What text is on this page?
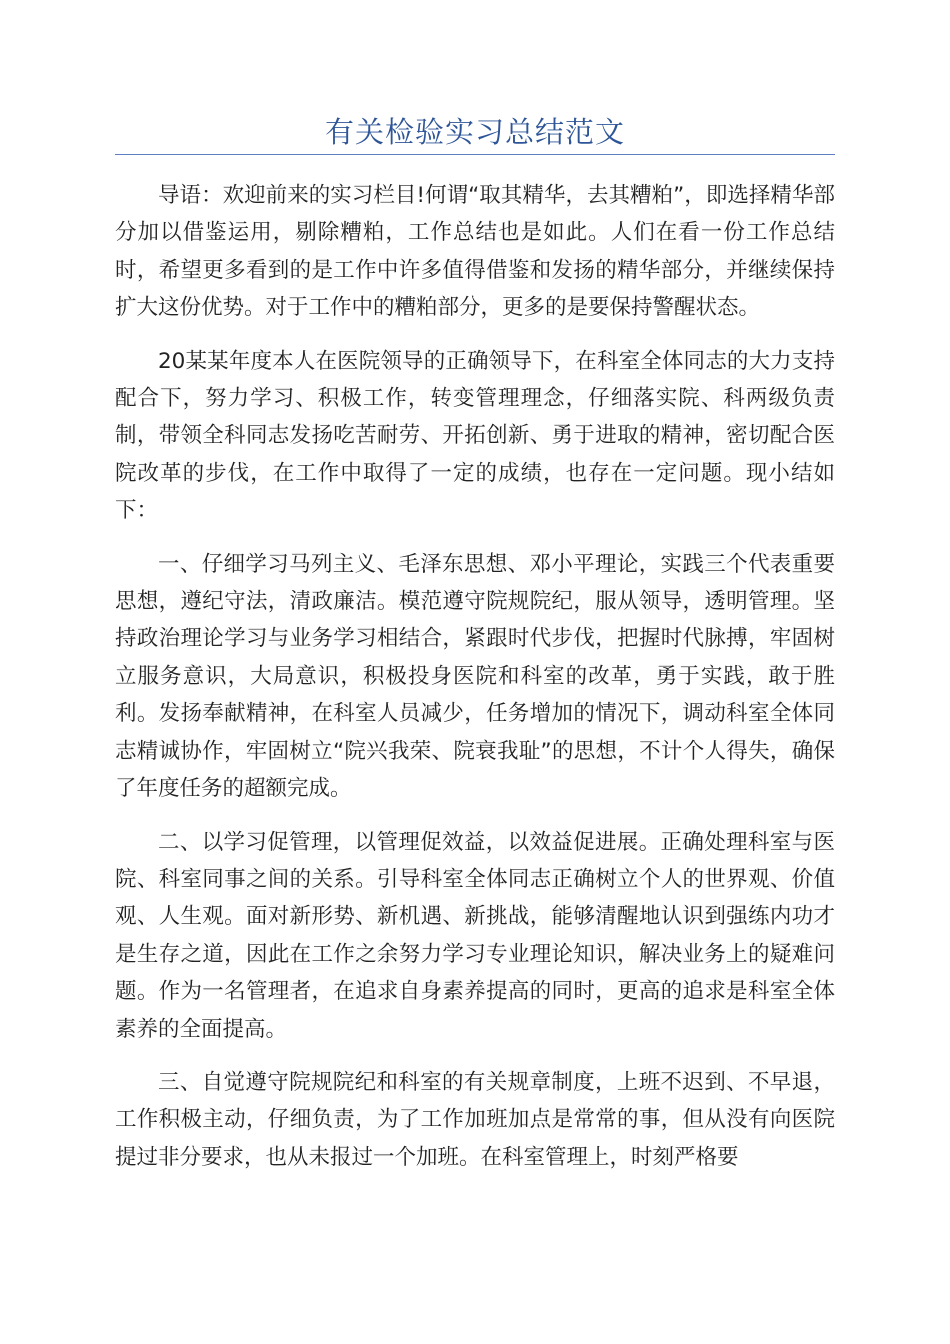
有关检验实习总结范文

导语：欢迎前来的实习栏目!何谓“取其精华，去其糟粕”，即选择精华部分加以借鉴运用，剔除糟粕，工作总结也是如此。人们在看一份工作总结时，希望更多看到的是工作中许多值得借鉴和发扬的精华部分，并继续保持扩大这份优势。对于工作中的糟粕部分，更多的是要保持警醒状态。

20某某年度本人在医院领导的正确领导下，在科室全体同志的大力支持配合下，努力学习、积极工作，转变管理理念，仔细落实院、科两级负责制，带领全科同志发扬吃苦耐劳、开拓创新、勇于进取的精神，密切配合医院改革的步伐，在工作中取得了一定的成绩，也存在一定问题。现小结如下：

一、仔细学习马列主义、毛泽东思想、邓小平理论，实践三个代表重要思想，遵纪守法，清政廉洁。模范遵守院规院纪，服从领导，透明管理。坚持政治理论学习与业务学习相结合，紧跟时代步伐，把握时代脉搏，牢固树立服务意识，大局意识，积极投身医院和科室的改革，勇于实践，敢于胜利。发扬奉献精神，在科室人员减少，任务增加的情况下，调动科室全体同志精诚协作，牢固树立“院兴我荣、院衰我耻”的思想，不计个人得失，确保了年度任务的超额完成。

二、以学习促管理，以管理促效益，以效益促进展。正确处理科室与医院、科室同事之间的关系。引导科室全体同志正确树立个人的世界观、价值观、人生观。面对新形势、新机遇、新挑战，能够清醒地认识到强练内功才是生存之道，因此在工作之余努力学习专业理论知识，解决业务上的疑难问题。作为一名管理者，在追求自身素养提高的同时，更高的追求是科室全体素养的全面提高。

三、自觉遵守院规院纪和科室的有关规章制度，上班不迟到、不早退，工作积极主动，仔细负责，为了工作加班加点是常常的事，但从没有向医院提过非分要求，也从未报过一个加班。在科室管理上，时刻严格要
